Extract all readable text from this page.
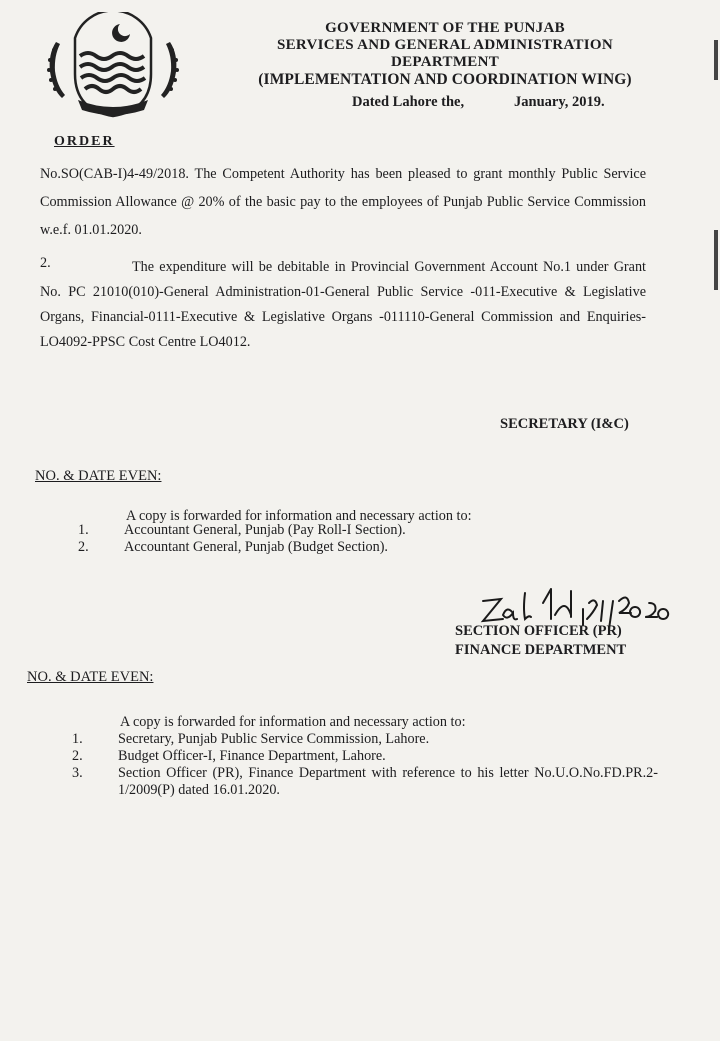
GOVERNMENT OF THE PUNJAB
SERVICES AND GENERAL ADMINISTRATION
DEPARTMENT
(IMPLEMENTATION AND COORDINATION WING)
Dated Lahore the,	January, 2019.
ORDER
No.SO(CAB-I)4-49/2018. The Competent Authority has been pleased to grant monthly Public Service Commission Allowance @ 20% of the basic pay to the employees of Punjab Public Service Commission w.e.f. 01.01.2020.
2.	The expenditure will be debitable in Provincial Government Account No.1 under Grant No. PC 21010(010)-General Administration-01-General Public Service -011-Executive & Legislative Organs, Financial-0111-Executive & Legislative Organs -011110-General Commission and Enquiries-LO4092-PPSC Cost Centre LO4012.
SECRETARY (I&C)
NO. & DATE EVEN:
A copy is forwarded for information and necessary action to:
1.	Accountant General, Punjab (Pay Roll-I Section).
2.	Accountant General, Punjab (Budget Section).
SECTION OFFICER (PR)
FINANCE DEPARTMENT
NO. & DATE EVEN:
A copy is forwarded for information and necessary action to:
1.	Secretary, Punjab Public Service Commission, Lahore.
2.	Budget Officer-I, Finance Department, Lahore.
3.	Section Officer (PR), Finance Department with reference to his letter No.U.O.No.FD.PR.2-1/2009(P) dated 16.01.2020.
